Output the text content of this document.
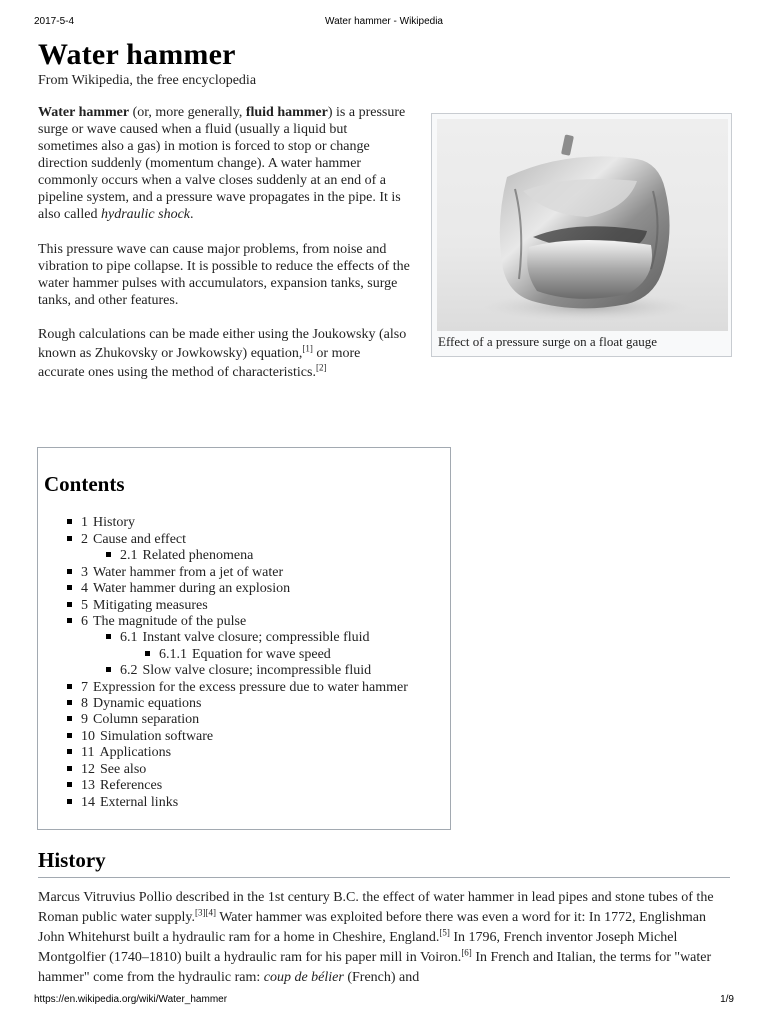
2017-5-4	Water hammer - Wikipedia
Water hammer
From Wikipedia, the free encyclopedia

Water hammer (or, more generally, fluid hammer) is a pressure surge or wave caused when a fluid (usually a liquid but sometimes also a gas) in motion is forced to stop or change direction suddenly (momentum change). A water hammer commonly occurs when a valve closes suddenly at an end of a pipeline system, and a pressure wave propagates in the pipe. It is also called hydraulic shock.

This pressure wave can cause major problems, from noise and vibration to pipe collapse. It is possible to reduce the effects of the water hammer pulses with accumulators, expansion tanks, surge tanks, and other features.

Rough calculations can be made either using the Joukowsky (also known as Zhukovsky or Jowkowsky) equation,[1] or more accurate ones using the method of characteristics.[2]

Effect of a pressure surge on a float gauge
Contents
1 History
2 Cause and effect
2.1 Related phenomena
3 Water hammer from a jet of water
4 Water hammer during an explosion
5 Mitigating measures
6 The magnitude of the pulse
6.1 Instant valve closure; compressible fluid
6.1.1 Equation for wave speed
6.2 Slow valve closure; incompressible fluid
7 Expression for the excess pressure due to water hammer
8 Dynamic equations
9 Column separation
10 Simulation software
11 Applications
12 See also
13 References
14 External links
History

Marcus Vitruvius Pollio described in the 1st century B.C. the effect of water hammer in lead pipes and stone tubes of the Roman public water supply.[3][4] Water hammer was exploited before there was even a word for it: In 1772, Englishman John Whitehurst built a hydraulic ram for a home in Cheshire, England.[5] In 1796, French inventor Joseph Michel Montgolfier (1740–1810) built a hydraulic ram for his paper mill in Voiron.[6] In French and Italian, the terms for "water hammer" come from the hydraulic ram: coup de bélier (French) and

https://en.wikipedia.org/wiki/Water_hammer	1/9
